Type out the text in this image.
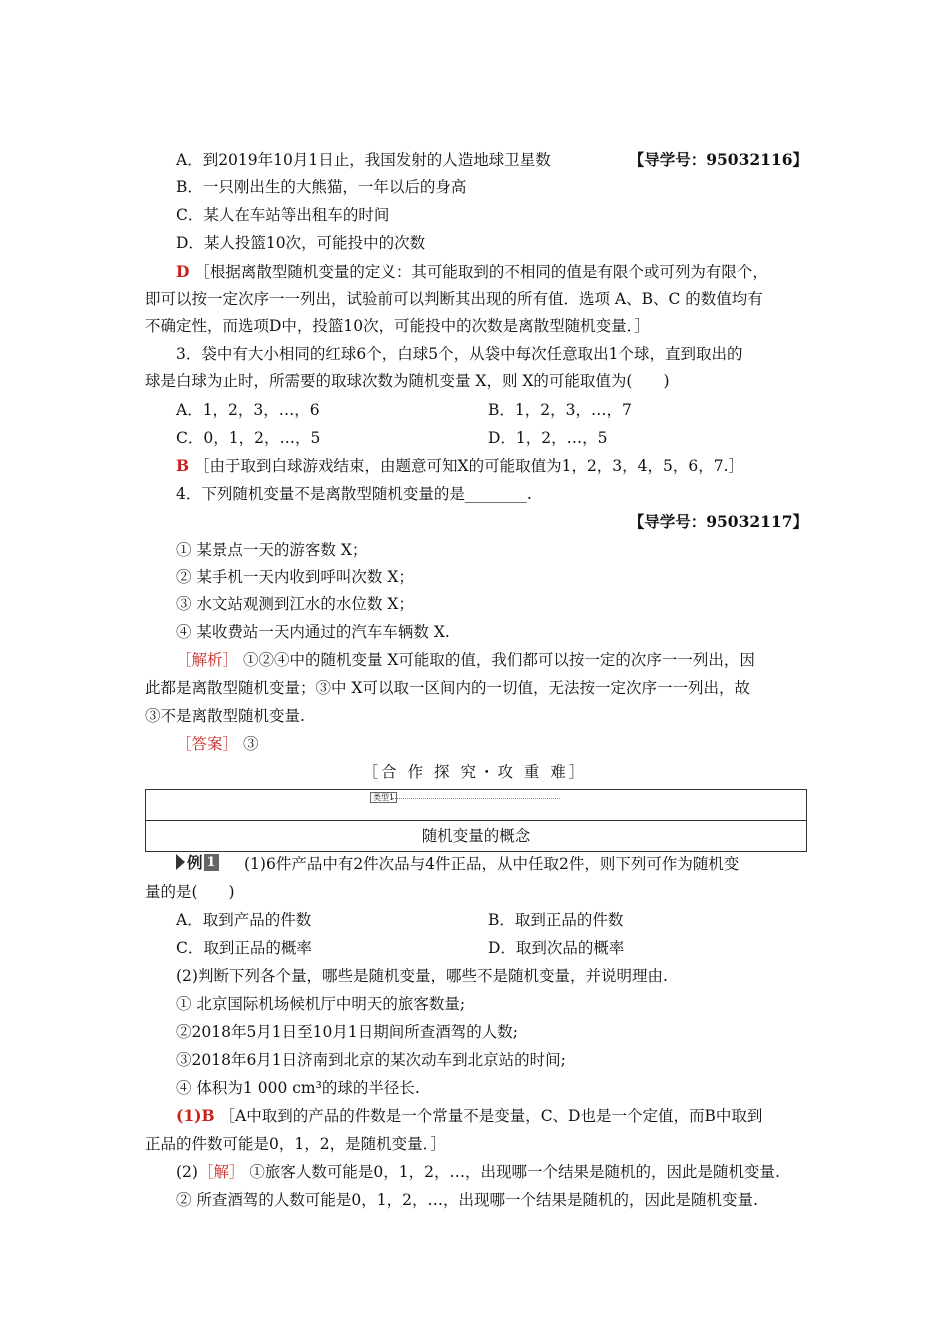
【导学号：95032116】
A．到2019年10月1日止，我国发射的人造地球卫星数
B．一只刚出生的大熊猫，一年以后的身高
C．某人在车站等出租车的时间
D．某人投篮10次，可能投中的次数
D ［根据离散型随机变量的定义：其可能取到的不相同的值是有限个或可列为有限个，
即可以按一定次序一一列出，试验前可以判断其出现的所有值．选项 A、B、C 的数值均有
不确定性，而选项D中，投篮10次，可能投中的次数是离散型随机变量．］
3．袋中有大小相同的红球6个，白球5个，从袋中每次任意取出1个球，直到取出的
球是白球为止时，所需要的取球次数为随机变量 X，则 X的可能取值为(　　)
A．1，2，3，…，6	B．1，2，3，…，7
C．0，1，2，…，5	D．1，2，…，5
B ［由于取到白球游戏结束，由题意可知X的可能取值为1，2，3，4，5，6，7.］
4．下列随机变量不是离散型随机变量的是________.
【导学号：95032117】
① 某景点一天的游客数 X；
② 某手机一天内收到呼叫次数 X；
③ 水文站观测到江水的水位数 X；
④ 某收费站一天内通过的汽车车辆数 X.
［解析］ ①②④中的随机变量 X可能取的值，我们都可以按一定的次序一一列出，因
此都是离散型随机变量；③中 X可以取一区间内的一切值，无法按一定次序一一列出，故
③不是离散型随机变量.
［答案］ ③
［合 作 探 究・攻 重 难］
类型1
随机变量的概念
例 1 (1)6件产品中有2件次品与4件正品，从中任取2件，则下列可作为随机变
量的是(　　)
A．取到产品的件数	B．取到正品的件数
C．取到正品的概率	D．取到次品的概率
(2)判断下列各个量，哪些是随机变量，哪些不是随机变量，并说明理由.
① 北京国际机场候机厅中明天的旅客数量;
②2018年5月1日至10月1日期间所查酒驾的人数;
③2018年6月1日济南到北京的某次动车到北京站的时间;
④ 体积为1 000 cm³的球的半径长.
(1)B ［A中取到的产品的件数是一个常量不是变量，C、D也是一个定值，而B中取到
正品的件数可能是0，1，2，是随机变量．］
(2)［解］ ①旅客人数可能是0，1，2，…，出现哪一个结果是随机的，因此是随机变量.
② 所查酒驾的人数可能是0，1，2，…，出现哪一个结果是随机的，因此是随机变量.
